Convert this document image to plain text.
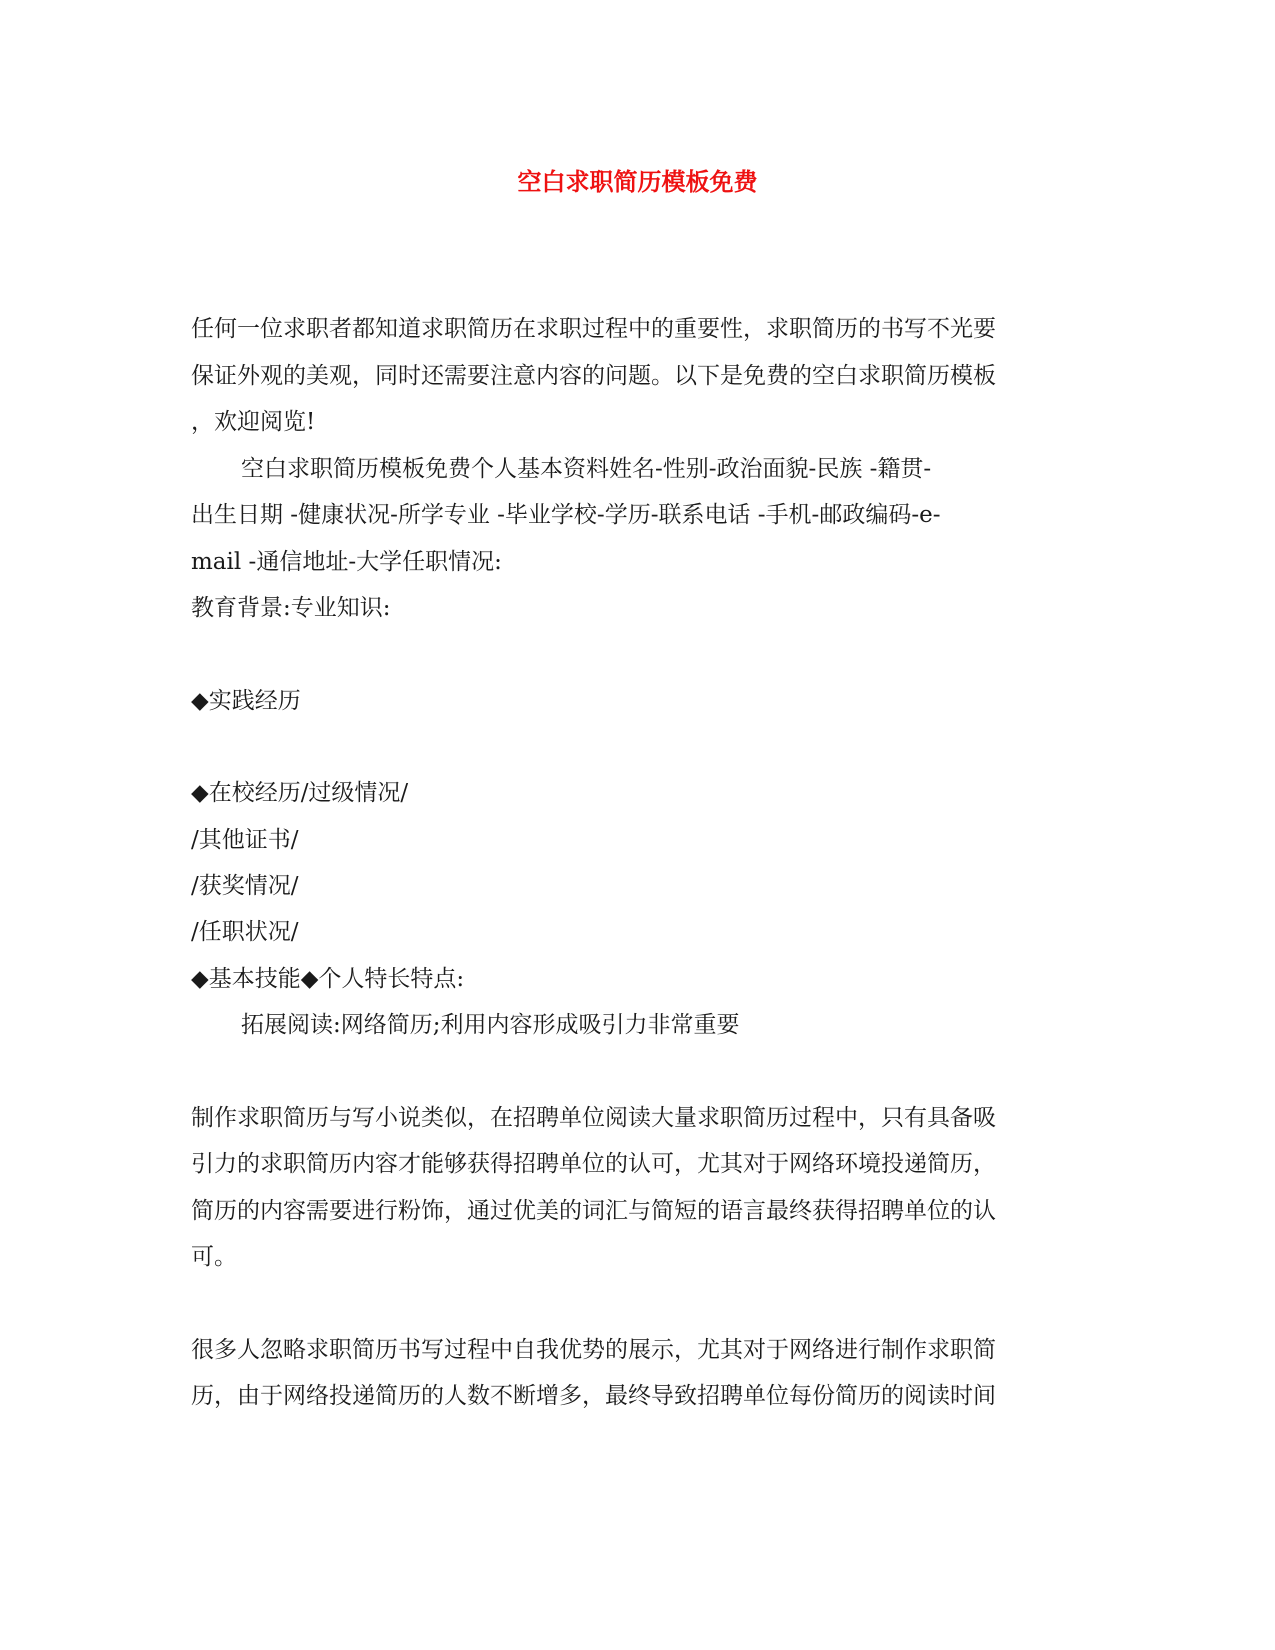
空白求职简历模板免费
任何一位求职者都知道求职简历在求职过程中的重要性，求职简历的书写不光要
保证外观的美观，同时还需要注意内容的问题。以下是免费的空白求职简历模板
，欢迎阅览!
空白求职简历模板免费个人基本资料姓名-性别-政治面貌-民族 -籍贯-
出生日期 -健康状况-所学专业 -毕业学校-学历-联系电话 -手机-邮政编码-e-
mail -通信地址-大学任职情况:
教育背景:专业知识:
◆实践经历
◆在校经历/过级情况/
/其他证书/
/获奖情况/
/任职状况/
◆基本技能◆个人特长特点:
拓展阅读:网络简历;利用内容形成吸引力非常重要
制作求职简历与写小说类似，在招聘单位阅读大量求职简历过程中，只有具备吸
引力的求职简历内容才能够获得招聘单位的认可，尤其对于网络环境投递简历，
简历的内容需要进行粉饰，通过优美的词汇与简短的语言最终获得招聘单位的认
可。
很多人忽略求职简历书写过程中自我优势的展示，尤其对于网络进行制作求职简
历，由于网络投递简历的人数不断增多，最终导致招聘单位每份简历的阅读时间
